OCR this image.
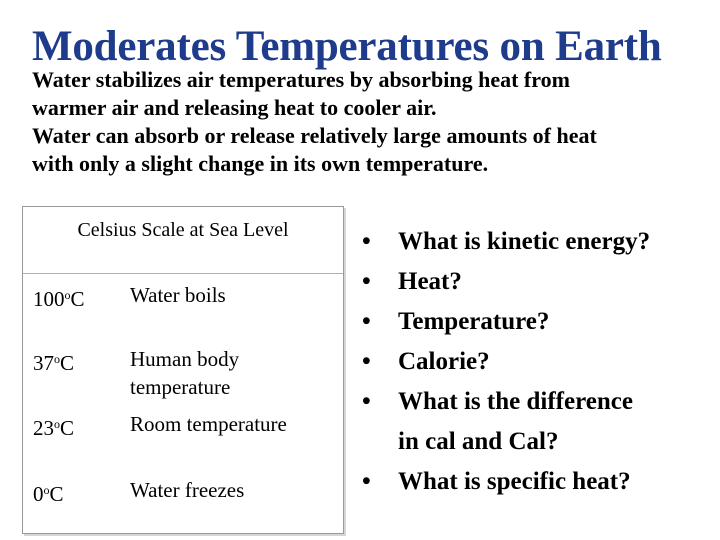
Moderates Temperatures on Earth
Water stabilizes air temperatures by absorbing heat from
warmer air and releasing heat to cooler air.
Water can absorb or release relatively large amounts of heat
with only a slight change in its own temperature.
Celsius Scale at Sea Level
100$^o$C Water boils
37$^o$C	Human body
temperature
23$^o$C	Room temperature
0$^o$C	Water freezes
• What is kinetic energy?
• Heat?
• Temperature?
• Calorie?
• What is the difference
in cal and Cal?
• What is specific heat?
